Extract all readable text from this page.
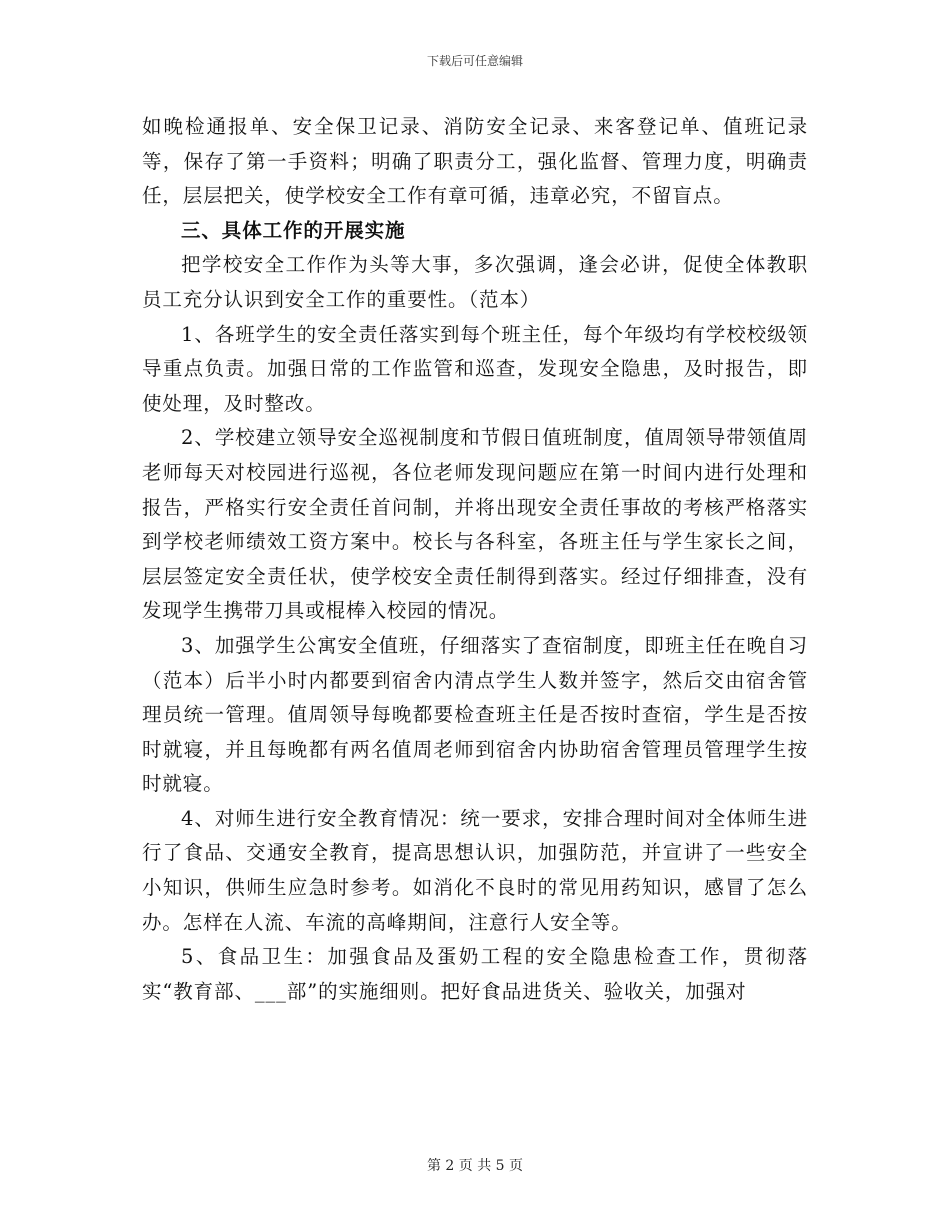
下载后可任意编辑

如晚检通报单、安全保卫记录、消防安全记录、来客登记单、值班记录等，保存了第一手资料；明确了职责分工，强化监督、管理力度，明确责任，层层把关，使学校安全工作有章可循，违章必究，不留盲点。

三、具体工作的开展实施

把学校安全工作作为头等大事，多次强调，逢会必讲，促使全体教职员工充分认识到安全工作的重要性。（范本）

1、各班学生的安全责任落实到每个班主任，每个年级均有学校校级领导重点负责。加强日常的工作监管和巡查，发现安全隐患，及时报告，即使处理，及时整改。

2、学校建立领导安全巡视制度和节假日值班制度，值周领导带领值周老师每天对校园进行巡视，各位老师发现问题应在第一时间内进行处理和报告，严格实行安全责任首问制，并将出现安全责任事故的考核严格落实到学校老师绩效工资方案中。校长与各科室，各班主任与学生家长之间，层层签定安全责任状，使学校安全责任制得到落实。经过仔细排查，没有发现学生携带刀具或棍棒入校园的情况。

3、加强学生公寓安全值班，仔细落实了查宿制度，即班主任在晚自习（范本）后半小时内都要到宿舍内清点学生人数并签字，然后交由宿舍管理员统一管理。值周领导每晚都要检查班主任是否按时查宿，学生是否按时就寝，并且每晚都有两名值周老师到宿舍内协助宿舍管理员管理学生按时就寝。

4、对师生进行安全教育情况：统一要求，安排合理时间对全体师生进行了食品、交通安全教育，提高思想认识，加强防范，并宣讲了一些安全小知识，供师生应急时参考。如消化不良时的常见用药知识，感冒了怎么办。怎样在人流、车流的高峰期间，注意行人安全等。

5、食品卫生：加强食品及蛋奶工程的安全隐患检查工作，贯彻落实“教育部、___部”的实施细则。把好食品进货关、验收关，加强对

第 2 页 共 5 页
